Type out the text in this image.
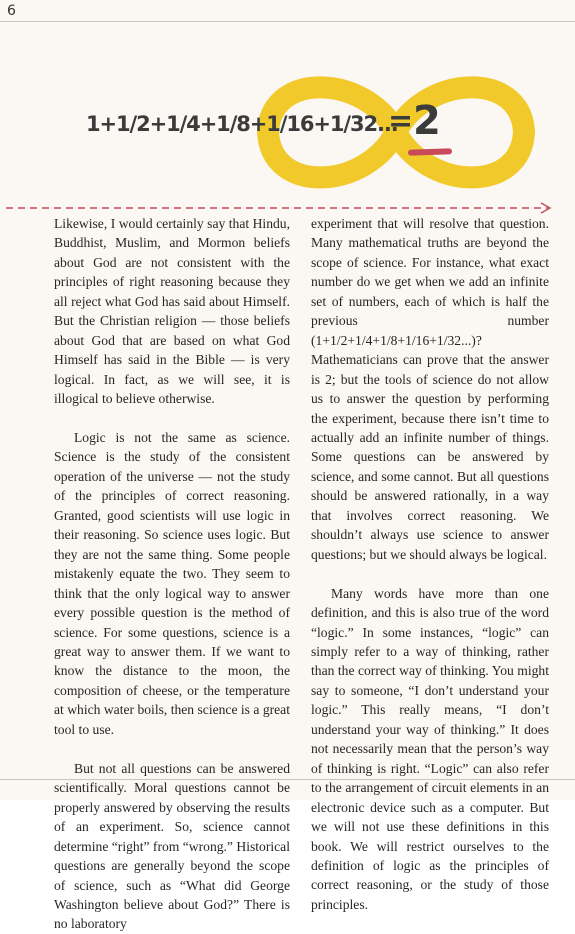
6
1+1/2+1/4+1/8+1/16+1/32...
= 2

Likewise, I would certainly say that Hindu, Buddhist, Muslim, and Mormon beliefs about God are not consistent with the principles of right reasoning because they all reject what God has said about Himself. But the Christian religion — those beliefs about God that are based on what God Himself has said in the Bible — is very logical. In fact, as we will see, it is illogical to believe otherwise.

Logic is not the same as science. Science is the study of the consistent operation of the universe — not the study of the principles of correct reasoning. Granted, good scientists will use logic in their reasoning. So science uses logic. But they are not the same thing. Some people mistakenly equate the two. They seem to think that the only logical way to answer every possible question is the method of science. For some questions, science is a great way to answer them. If we want to know the distance to the moon, the composition of cheese, or the temperature at which water boils, then science is a great tool to use.

But not all questions can be answered scientifically. Moral questions cannot be properly answered by observing the results of an experiment. So, science cannot determine “right” from “wrong.” Historical questions are generally beyond the scope of science, such as “What did George Washington believe about God?” There is no laboratory

experiment that will resolve that question. Many mathematical truths are beyond the scope of science. For instance, what exact number do we get when we add an infinite set of numbers, each of which is half the previous number (1+1/2+1/4+1/8+1/16+1/32...)? Mathematicians can prove that the answer is 2; but the tools of science do not allow us to answer the question by performing the experiment, because there isn’t time to actually add an infinite number of things. Some questions can be answered by science, and some cannot. But all questions should be answered rationally, in a way that involves correct reasoning. We shouldn’t always use science to answer questions; but we should always be logical.

Many words have more than one definition, and this is also true of the word “logic.” In some instances, “logic” can simply refer to a way of thinking, rather than the correct way of thinking. You might say to someone, “I don’t understand your logic.” This really means, “I don’t understand your way of thinking.” It does not necessarily mean that the person’s way of thinking is right. “Logic” can also refer to the arrangement of circuit elements in an electronic device such as a computer. But we will not use these definitions in this book. We will restrict ourselves to the definition of logic as the principles of correct reasoning, or the study of those principles.
